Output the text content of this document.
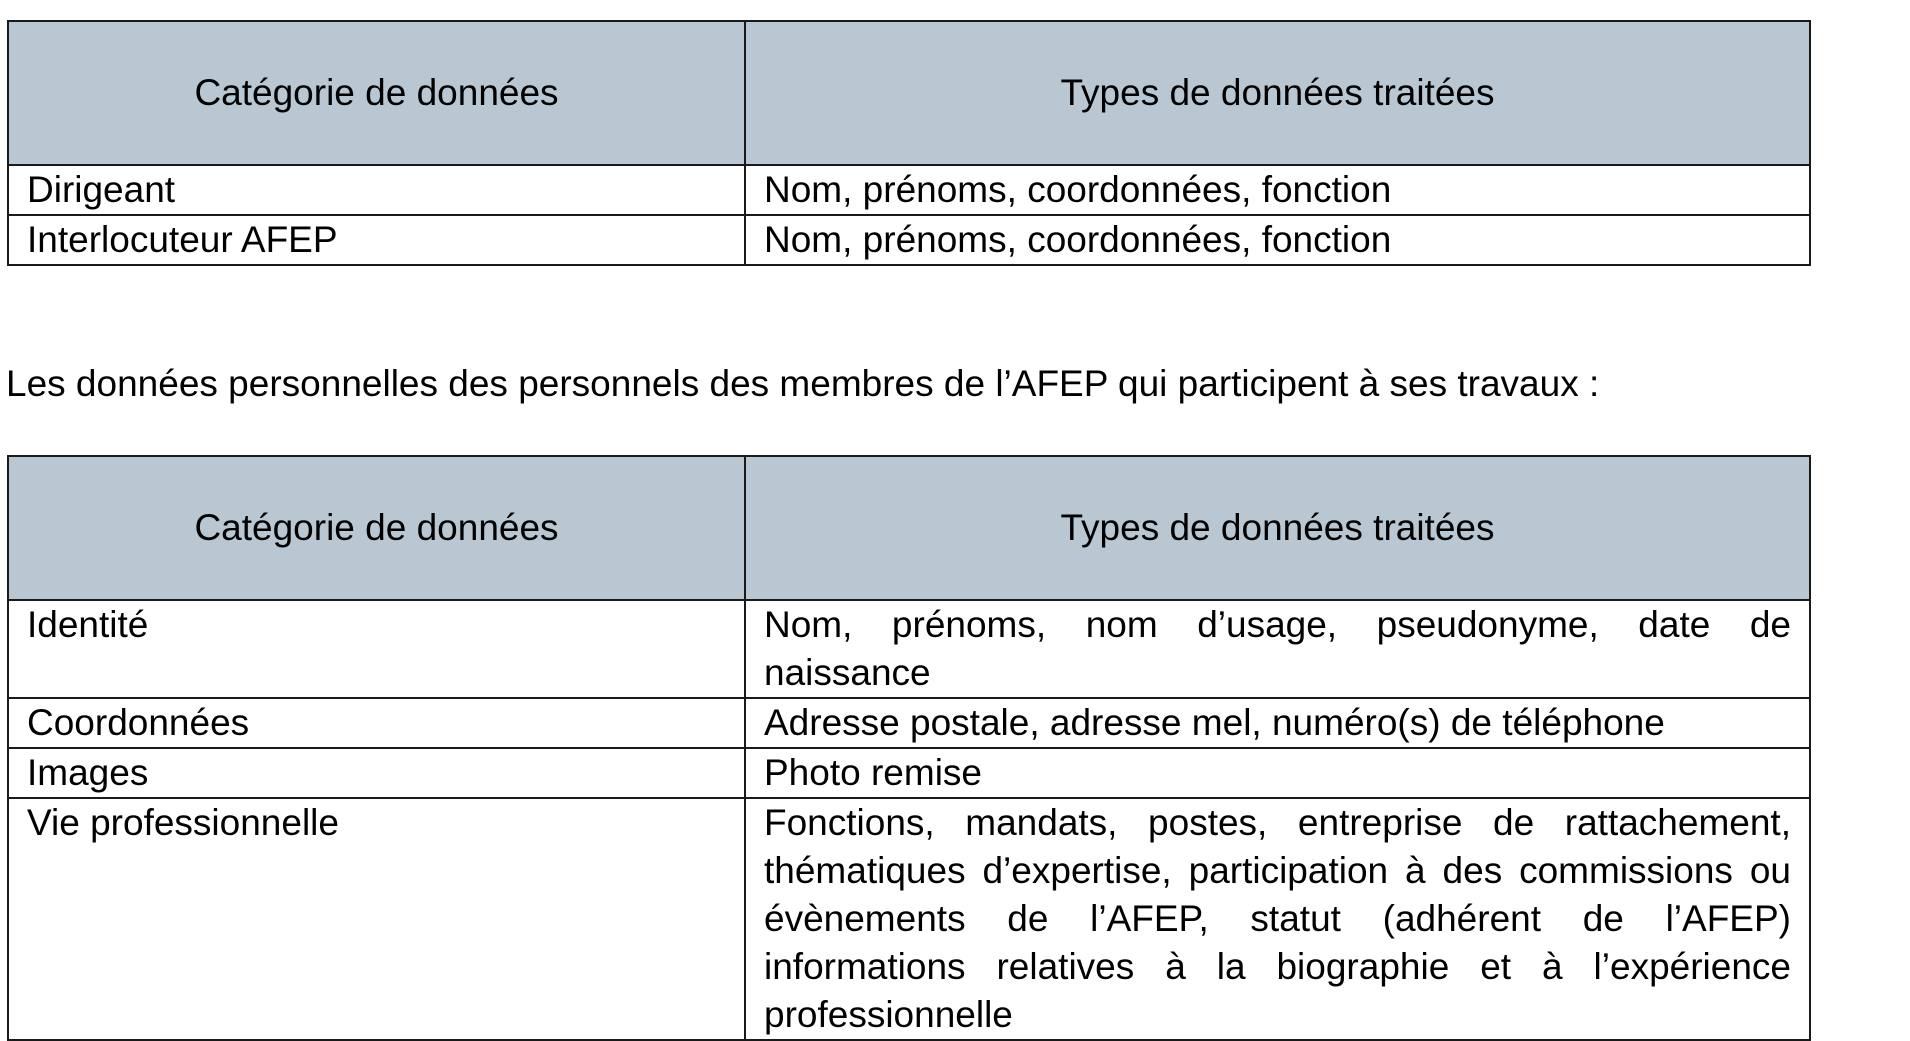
Catégorie de données	Types de données traitées
Dirigeant	Nom, prénoms, coordonnées, fonction
Interlocuteur AFEP	Nom, prénoms, coordonnées, fonction

Les données personnelles des personnels des membres de l’AFEP qui participent à ses travaux :

Catégorie de données	Types de données traitées
Identité	Nom, prénoms, nom d’usage, pseudonyme, date de naissance
Coordonnées	Adresse postale, adresse mel, numéro(s) de téléphone
Images	Photo remise
Vie professionnelle	Fonctions, mandats, postes, entreprise de rattachement, thématiques d’expertise, participation à des commissions ou évènements de l’AFEP, statut (adhérent de l’AFEP) informations relatives à la biographie et à l’expérience professionnelle
